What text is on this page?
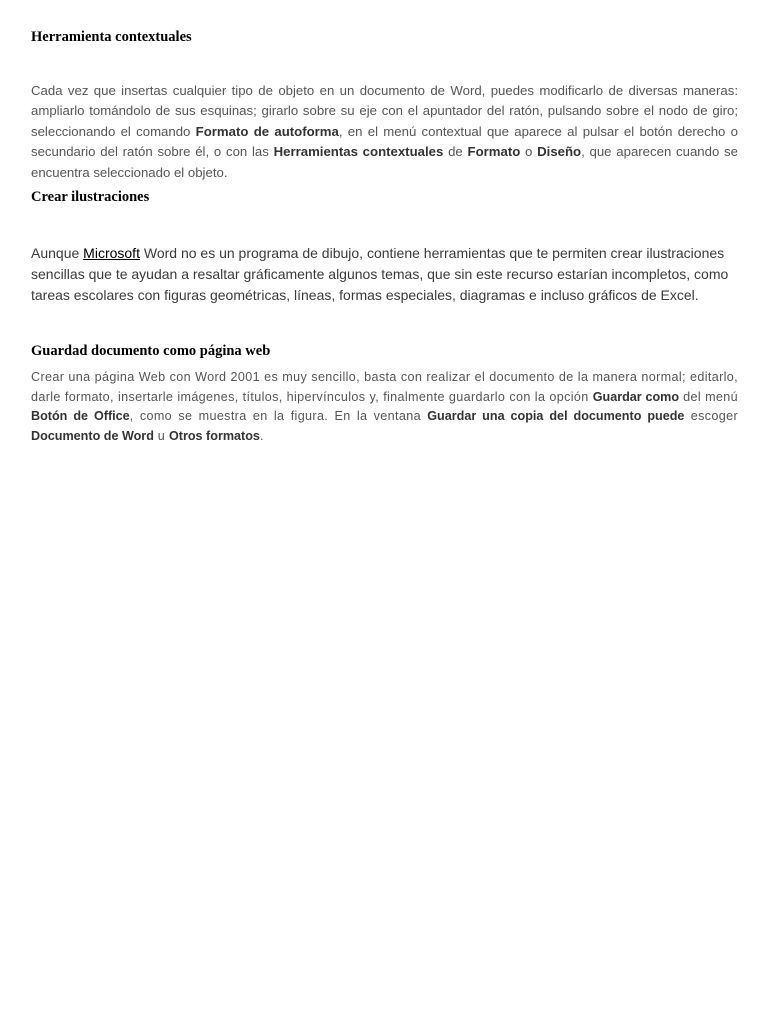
Herramienta contextuales

Cada vez que insertas cualquier tipo de objeto en un documento de Word, puedes modificarlo de diversas maneras: ampliarlo tomándolo de sus esquinas; girarlo sobre su eje con el apuntador del ratón, pulsando sobre el nodo de giro; seleccionando el comando Formato de autoforma, en el menú contextual que aparece al pulsar el botón derecho o secundario del ratón sobre él, o con las Herramientas contextuales de Formato o Diseño, que aparecen cuando se encuentra seleccionado el objeto.

Crear ilustraciones

Aunque Microsoft Word no es un programa de dibujo, contiene herramientas que te permiten crear ilustraciones sencillas que te ayudan a resaltar gráficamente algunos temas, que sin este recurso estarían incompletos, como tareas escolares con figuras geométricas, líneas, formas especiales, diagramas e incluso gráficos de Excel.

Guardad documento como página web

Crear una página Web con Word 2001 es muy sencillo, basta con realizar el documento de la manera normal; editarlo, darle formato, insertarle imágenes, títulos, hipervínculos y, finalmente guardarlo con la opción Guardar como del menú Botón de Office, como se muestra en la figura. En la ventana Guardar una copia del documento puede escoger Documento de Word u Otros formatos.
